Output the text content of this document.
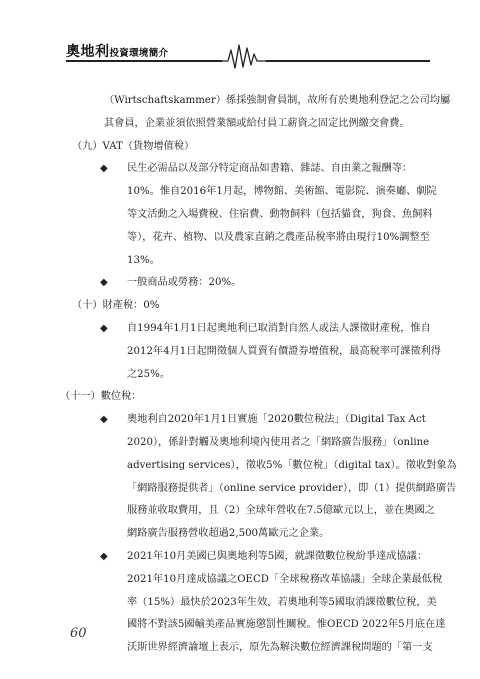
奧地利投資環境簡介
（Wirtschaftskammer）係採強制會員制，故所有於奧地利登記之公司均屬
其會員，企業並須依照營業額或給付員工薪資之固定比例繳交會費。
（九）VAT（貨物增值稅）
◆ 民生必需品以及部分特定商品如書籍、雜誌、自由業之報酬等：
10%。惟自2016年1月起，博物館、美術館、電影院、演奏廳、劇院
等文活動之入場費稅、住宿費、動物飼料（包括貓食，狗食、魚飼料
等），花卉、植物、以及農家直銷之農產品稅率將由現行10%調整至
13%。
◆ 一般商品或勞務：20%。
（十）財產稅：0%
◆ 自1994年1月1日起奧地利已取消對自然人或法人課徵財產稅，惟自
2012年4月1日起開徵個人買賣有價證券增值稅，最高稅率可課徵利得
之25%。
（十一）數位稅：
◆ 奧地利自2020年1月1日實施「2020數位稅法」（Digital Tax Act
2020），係針對觸及奧地利境內使用者之「網路廣告服務」（online
advertising services），徵收5%「數位稅」（digital tax）。徵收對象為
「網路服務提供者」（online service provider），即（1）提供網路廣告
服務並收取費用，且（2）全球年營收在7.5億歐元以上，並在奧國之
網路廣告服務營收超過2,500萬歐元之企業。
◆ 2021年10月美國已與奧地利等5國，就課徵數位稅紛爭達成協議：
2021年10月達成協議之OECD「全球稅務改革協議」全球企業最低稅
率（15%）最快於2023年生效，若奧地利等5國取消課徵數位稅，美
國將不對該5國輸美產品實施懲罰性關稅。惟OECD 2022年5月底在達
沃斯世界經濟論壇上表示，原先為解決數位經濟課稅問題的「第一支
60
